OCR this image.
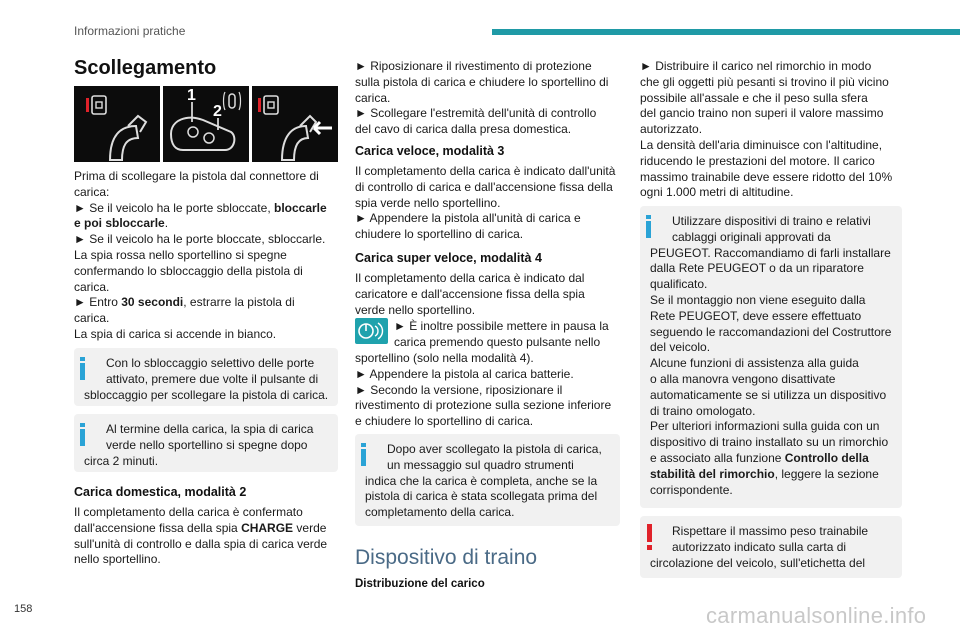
Informazioni pratiche
Scollegamento
1
2

Prima di scollegare la pistola dal connettore di

carica:

► Se il veicolo ha le porte sbloccate, bloccarle

e poi sbloccarle.

► Se il veicolo ha le porte bloccate, sbloccarle.

La spia rossa nello sportellino si spegne

confermando lo sbloccaggio della pistola di

carica.

► Entro 30 secondi, estrarre la pistola di

carica.

La spia di carica si accende in bianco.

Con lo sbloccaggio selettivo delle porte

attivato, premere due volte il pulsante di

sbloccaggio per scollegare la pistola di carica.

Al termine della carica, la spia di carica

verde nello sportellino si spegne dopo

circa 2 minuti.

Carica domestica, modalità 2

Il completamento della carica è confermato

dall'accensione fissa della spia CHARGE verde

sull'unità di controllo e dalla spia di carica verde

nello sportellino.

► Riposizionare il rivestimento di protezione

sulla pistola di carica e chiudere lo sportellino di

carica.

► Scollegare l'estremità dell'unità di controllo

del cavo di carica dalla presa domestica.

Carica veloce, modalità 3

Il completamento della carica è indicato dall'unità

di controllo di carica e dall'accensione fissa della

spia verde nello sportellino.

► Appendere la pistola all'unità di carica e

chiudere lo sportellino di carica.

Carica super veloce, modalità 4

Il completamento della carica è indicato dal

caricatore e dall'accensione fissa della spia

verde nello sportellino.

► È inoltre possibile mettere in pausa la

carica premendo questo pulsante nello

sportellino (solo nella modalità 4).

► Appendere la pistola al carica batterie.

► Secondo la versione, riposizionare il

rivestimento di protezione sulla sezione inferiore

e chiudere lo sportellino di carica.

Dopo aver scollegato la pistola di carica,

un messaggio sul quadro strumenti

indica che la carica è completa, anche se la

pistola di carica è stata scollegata prima del

completamento della carica.

Dispositivo di traino
Distribuzione del carico

► Distribuire il carico nel rimorchio in modo

che gli oggetti più pesanti si trovino il più vicino

possibile all'assale e che il peso sulla sfera

del gancio traino non superi il valore massimo

autorizzato.

La densità dell'aria diminuisce con l'altitudine,

riducendo le prestazioni del motore. Il carico

massimo trainabile deve essere ridotto del 10%

ogni 1.000 metri di altitudine.

Utilizzare dispositivi di traino e relativi

cablaggi originali approvati da

PEUGEOT. Raccomandiamo di farli installare

dalla Rete PEUGEOT o da un riparatore

qualificato.

Se il montaggio non viene eseguito dalla

Rete PEUGEOT, deve essere effettuato

seguendo le raccomandazioni del Costruttore

del veicolo.

Alcune funzioni di assistenza alla guida

o alla manovra vengono disattivate

automaticamente se si utilizza un dispositivo

di traino omologato.

Per ulteriori informazioni sulla guida con un

dispositivo di traino installato su un rimorchio

e associato alla funzione Controllo della

stabilità del rimorchio, leggere la sezione

corrispondente.

Rispettare il massimo peso trainabile

autorizzato indicato sulla carta di

circolazione del veicolo, sull'etichetta del

158	carmanualsonline.info
